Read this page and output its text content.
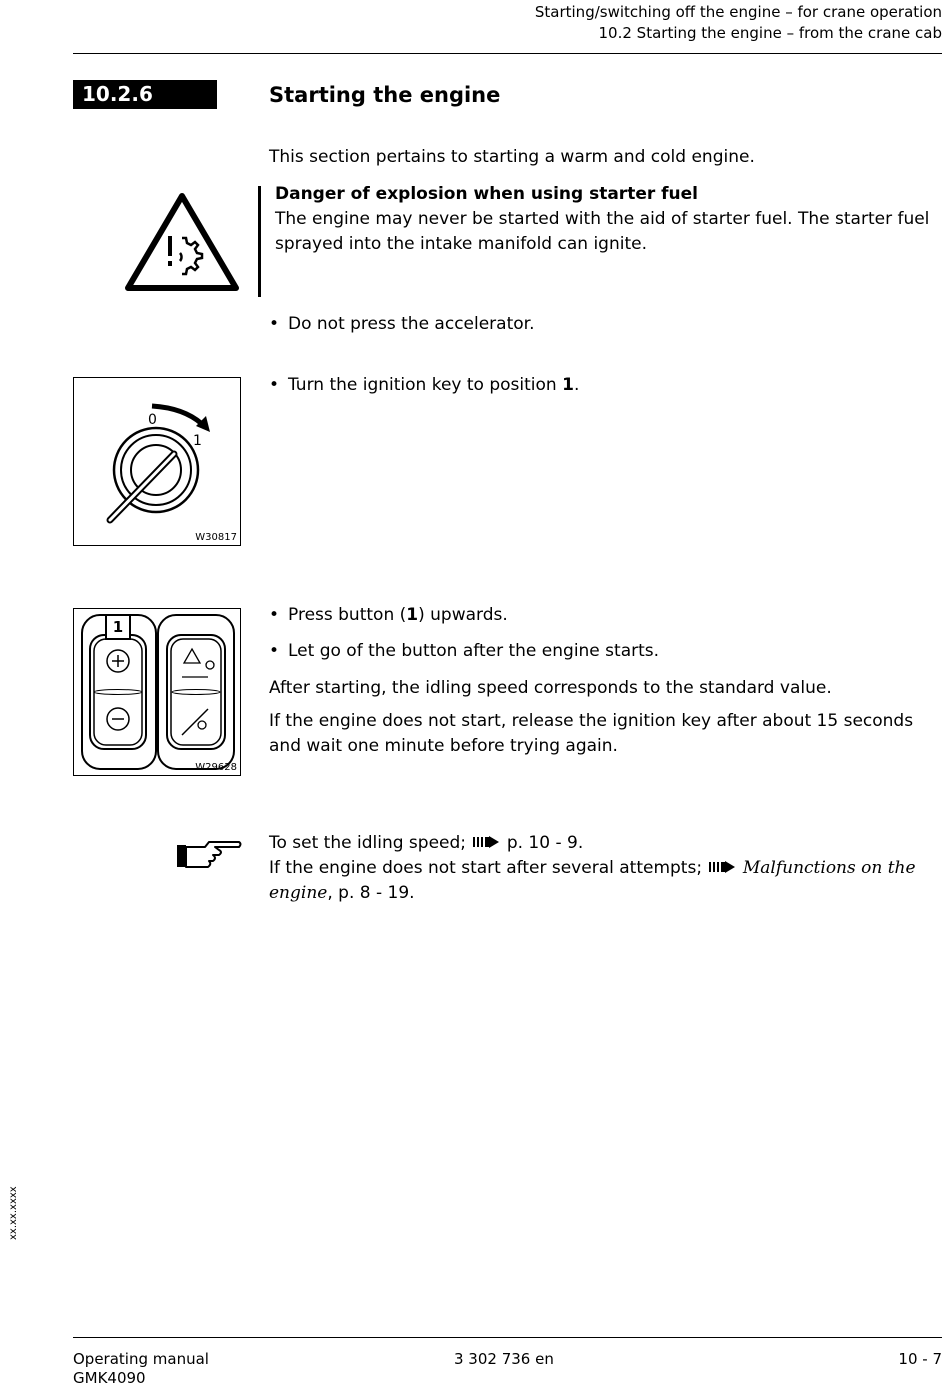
Starting/switching off the engine – for crane operation
10.2 Starting the engine – from the crane cab
10.2.6	Starting the engine
This section pertains to starting a warm and cold engine.
Danger of explosion when using starter fuel
The engine may never be started with the aid of starter fuel. The starter fuel sprayed into the intake manifold can ignite.
• Do not press the accelerator.
0
1
W30817
• Turn the ignition key to position 1.
1
W29628
• Press button (1) upwards.
• Let go of the button after the engine starts.
After starting, the idling speed corresponds to the standard value.
If the engine does not start, release the ignition key after about 15 seconds and wait one minute before trying again.
To set the idling speed; p. 10 - 9.
If the engine does not start after several attempts; Malfunctions on the engine, p. 8 - 19.
xx.xx.xxxx
Operating manual
GMK4090
3 302 736 en	10 - 7
